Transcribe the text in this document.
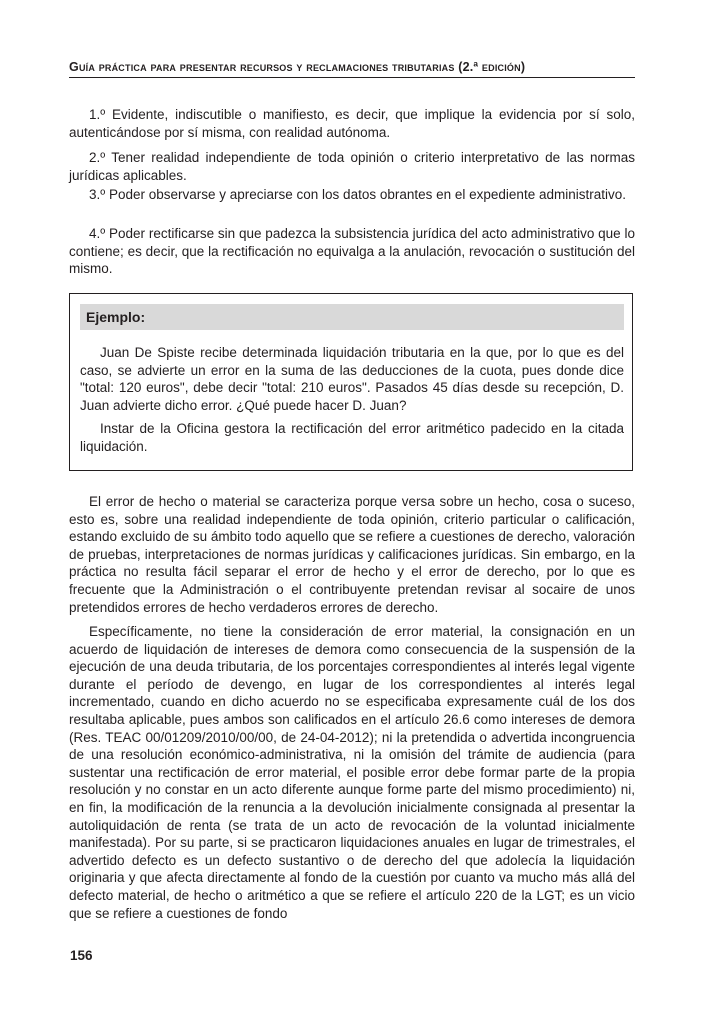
Guía práctica para presentar recursos y reclamaciones tributarias (2.ª edición)

1.º Evidente, indiscutible o manifiesto, es decir, que implique la evidencia por sí solo, autenticándose por sí misma, con realidad autónoma.

2.º Tener realidad independiente de toda opinión o criterio interpretativo de las normas jurídicas aplicables.

3.º Poder observarse y apreciarse con los datos obrantes en el expediente administrativo.

4.º Poder rectificarse sin que padezca la subsistencia jurídica del acto administrativo que lo contiene; es decir, que la rectificación no equivalga a la anulación, revocación o sustitución del mismo.

Ejemplo:

Juan De Spiste recibe determinada liquidación tributaria en la que, por lo que es del caso, se advierte un error en la suma de las deducciones de la cuota, pues donde dice "total: 120 euros", debe decir "total: 210 euros". Pasados 45 días desde su recepción, D. Juan advierte dicho error. ¿Qué puede hacer D. Juan?

Instar de la Oficina gestora la rectificación del error aritmético padecido en la citada liquidación.

El error de hecho o material se caracteriza porque versa sobre un hecho, cosa o suceso, esto es, sobre una realidad independiente de toda opinión, criterio particular o calificación, estando excluido de su ámbito todo aquello que se refiere a cuestiones de derecho, valoración de pruebas, interpretaciones de normas jurídicas y calificaciones jurídicas. Sin embargo, en la práctica no resulta fácil separar el error de hecho y el error de derecho, por lo que es frecuente que la Administración o el contribuyente pretendan revisar al socaire de unos pretendidos errores de hecho verdaderos errores de derecho.

Específicamente, no tiene la consideración de error material, la consignación en un acuerdo de liquidación de intereses de demora como consecuencia de la suspensión de la ejecución de una deuda tributaria, de los porcentajes correspondientes al interés legal vigente durante el período de devengo, en lugar de los correspondientes al interés legal incrementado, cuando en dicho acuerdo no se especificaba expresamente cuál de los dos resultaba aplicable, pues ambos son calificados en el artículo 26.6 como intereses de demora (Res. TEAC 00/01209/2010/00/00, de 24-04-2012); ni la pretendida o advertida incongruencia de una resolución económico-administrativa, ni la omisión del trámite de audiencia (para sustentar una rectificación de error material, el posible error debe formar parte de la propia resolución y no constar en un acto diferente aunque forme parte del mismo procedimiento) ni, en fin, la modificación de la renuncia a la devolución inicialmente consignada al presentar la autoliquidación de renta (se trata de un acto de revocación de la voluntad inicialmente manifestada). Por su parte, si se practicaron liquidaciones anuales en lugar de trimestrales, el advertido defecto es un defecto sustantivo o de derecho del que adolecía la liquidación originaria y que afecta directamente al fondo de la cuestión por cuanto va mucho más allá del defecto material, de hecho o aritmético a que se refiere el artículo 220 de la LGT; es un vicio que se refiere a cuestiones de fondo

156
